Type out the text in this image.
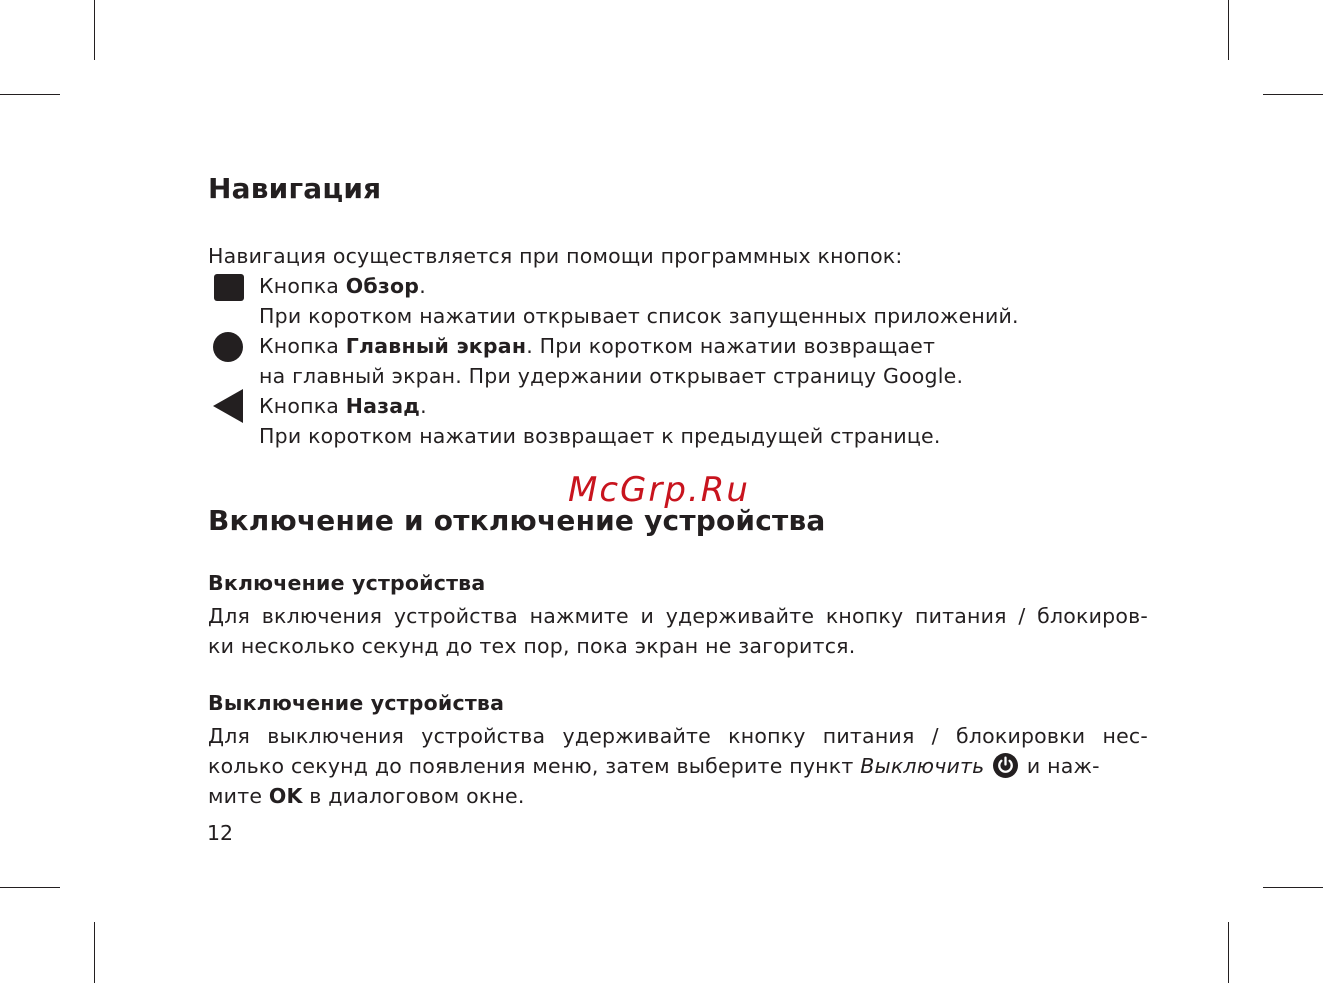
Навигация
Навигация осуществляется при помощи программных кнопок:
Кнопка Обзор.
При коротком нажатии открывает список запущенных приложений.
Кнопка Главный экран. При коротком нажатии возвращает
на главный экран. При удержании открывает страницу Google.
Кнопка Назад.
При коротком нажатии возвращает к предыдущей странице.
McGrp.Ru
Включение и отключение устройства
Включение устройства
Для включения устройства нажмите и удерживайте кнопку питания / блокиров-
ки несколько секунд до тех пор, пока экран не загорится.
Выключение устройства
Для выключения устройства удерживайте кнопку питания / блокировки нес-
колько секунд до появления меню, затем выберите пункт Выключить  и наж-
мите OK в диалоговом окне.
12
